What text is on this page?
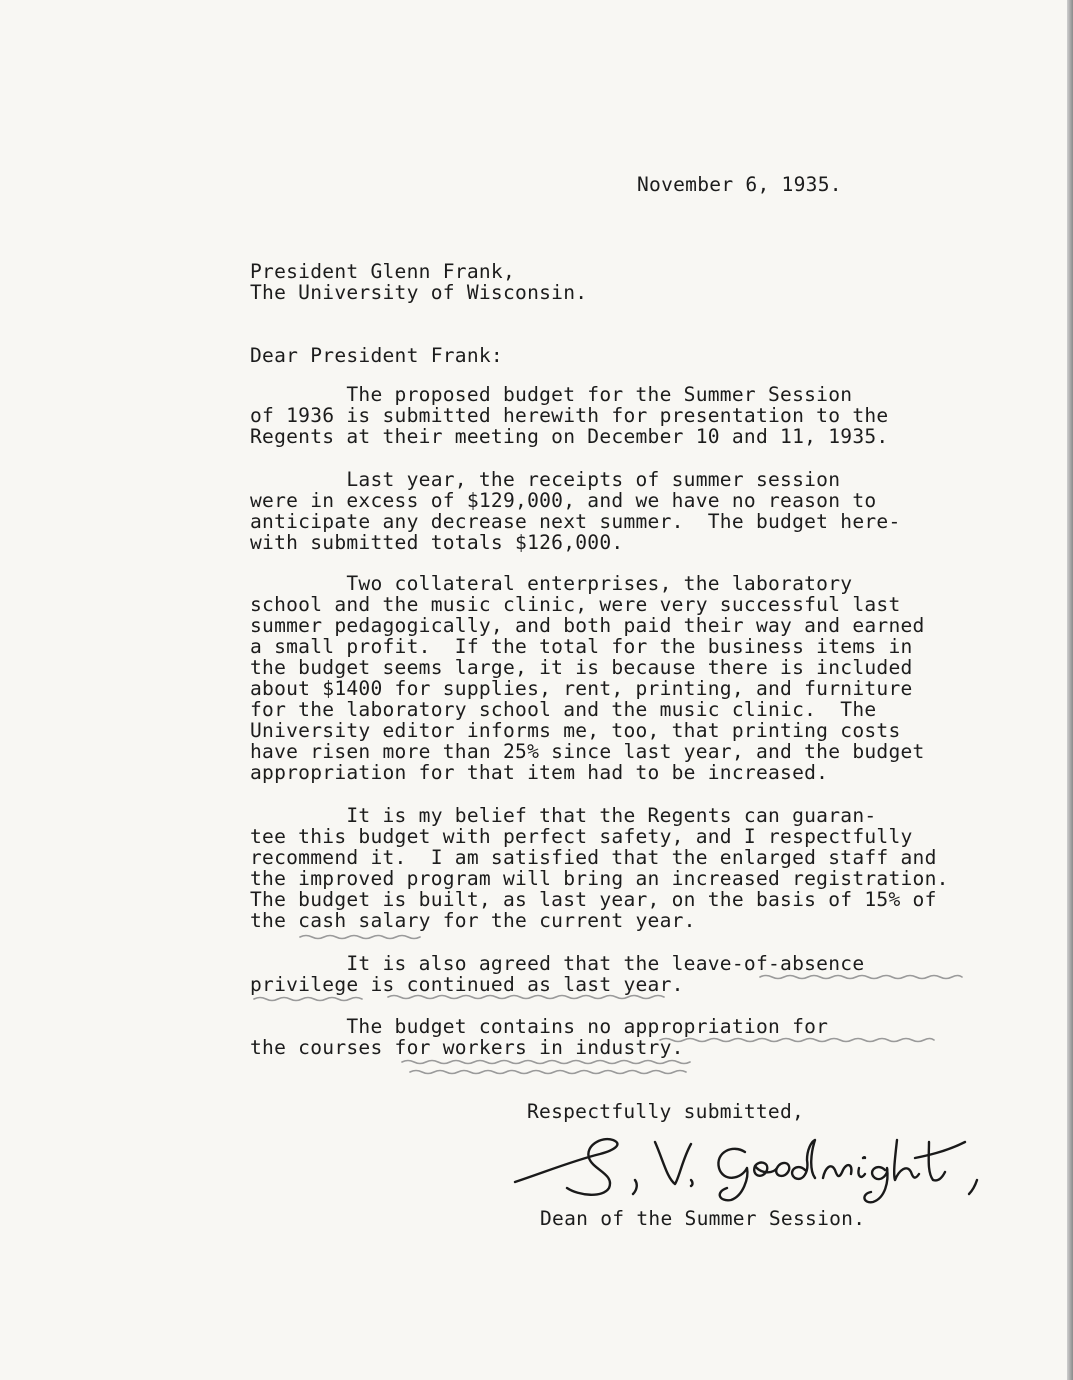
November 6, 1935.
President Glenn Frank,
The University of Wisconsin.
Dear President Frank:
The proposed budget for the Summer Session
of 1936 is submitted herewith for presentation to the
Regents at their meeting on December 10 and 11, 1935.
Last year, the receipts of summer session
were in excess of $129,000, and we have no reason to
anticipate any decrease next summer.  The budget here-
with submitted totals $126,000.
Two collateral enterprises, the laboratory
school and the music clinic, were very successful last
summer pedagogically, and both paid their way and earned
a small profit.  If the total for the business items in
the budget seems large, it is because there is included
about $1400 for supplies, rent, printing, and furniture
for the laboratory school and the music clinic.  The
University editor informs me, too, that printing costs
have risen more than 25% since last year, and the budget
appropriation for that item had to be increased.
It is my belief that the Regents can guaran-
tee this budget with perfect safety, and I respectfully
recommend it.  I am satisfied that the enlarged staff and
the improved program will bring an increased registration.
The budget is built, as last year, on the basis of 15% of
the cash salary for the current year.
It is also agreed that the leave-of-absence
privilege is continued as last year.
The budget contains no appropriation for
the courses for workers in industry.
Respectfully submitted,
Dean of the Summer Session.
